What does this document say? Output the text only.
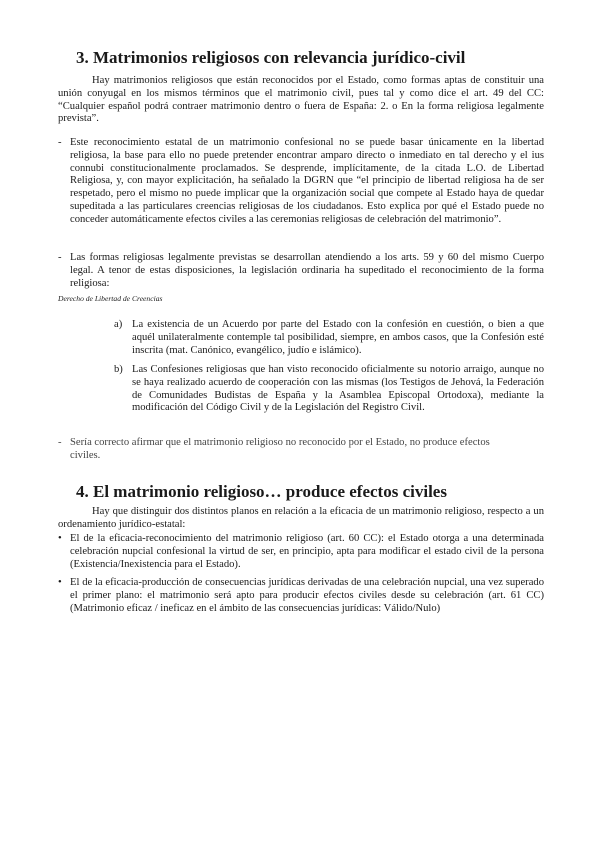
3. Matrimonios religiosos con relevancia jurídico-civil

Hay matrimonios religiosos que están reconocidos por el Estado, como formas aptas de constituir una unión conyugal en los mismos términos que el matrimonio civil, pues tal y como dice el art. 49 del CC: “Cualquier español podrá contraer matrimonio dentro o fuera de España: 2. o En la forma religiosa legalmente prevista”.

- Este reconocimiento estatal de un matrimonio confesional no se puede basar únicamente en la libertad religiosa, la base para ello no puede pretender encontrar amparo directo o inmediato en tal derecho y el ius connubi constitucionalmente proclamados. Se desprende, implícitamente, de la citada L.O. de Libertad Religiosa, y, con mayor explicitación, ha señalado la DGRN que “el principio de libertad religiosa ha de ser respetado, pero el mismo no puede implicar que la organización social que compete al Estado haya de quedar supeditada a las particulares creencias religiosas de los ciudadanos. Esto explica por qué el Estado puede no conceder automáticamente efectos civiles a las ceremonias religiosas de celebración del matrimonio”.

- Las formas religiosas legalmente previstas se desarrollan atendiendo a los arts. 59 y 60 del mismo Cuerpo legal. A tenor de estas disposiciones, la legislación ordinaria ha supeditado el reconocimiento de la forma religiosa:

Derecho de Libertad de Creencias

a) La existencia de un Acuerdo por parte del Estado con la confesión en cuestión, o bien a que aquél unilateralmente contemple tal posibilidad, siempre, en ambos casos, que la Confesión esté inscrita (mat. Canónico, evangélico, judío e islámico).

b) Las Confesiones religiosas que han visto reconocido oficialmente su notorio arraigo, aunque no se haya realizado acuerdo de cooperación con las mismas (los Testigos de Jehová, la Federación de Comunidades Budistas de España y la Asamblea Episcopal Ortodoxa), mediante la modificación del Código Civil y de la Legislación del Registro Civil.

- Sería correcto afirmar que el matrimonio religioso no reconocido por el Estado, no produce efectos civiles.

4. El matrimonio religioso… produce efectos civiles

Hay que distinguir dos distintos planos en relación a la eficacia de un matrimonio religioso, respecto a un ordenamiento jurídico-estatal:

• El de la eficacia-reconocimiento del matrimonio religioso (art. 60 CC): el Estado otorga a una determinada celebración nupcial confesional la virtud de ser, en principio, apta para modificar el estado civil de la persona (Existencia/Inexistencia para el Estado).

• El de la eficacia-producción de consecuencias jurídicas derivadas de una celebración nupcial, una vez superado el primer plano: el matrimonio será apto para producir efectos civiles desde su celebración (art. 61 CC) (Matrimonio eficaz / ineficaz en el ámbito de las consecuencias jurídicas: Válido/Nulo)
